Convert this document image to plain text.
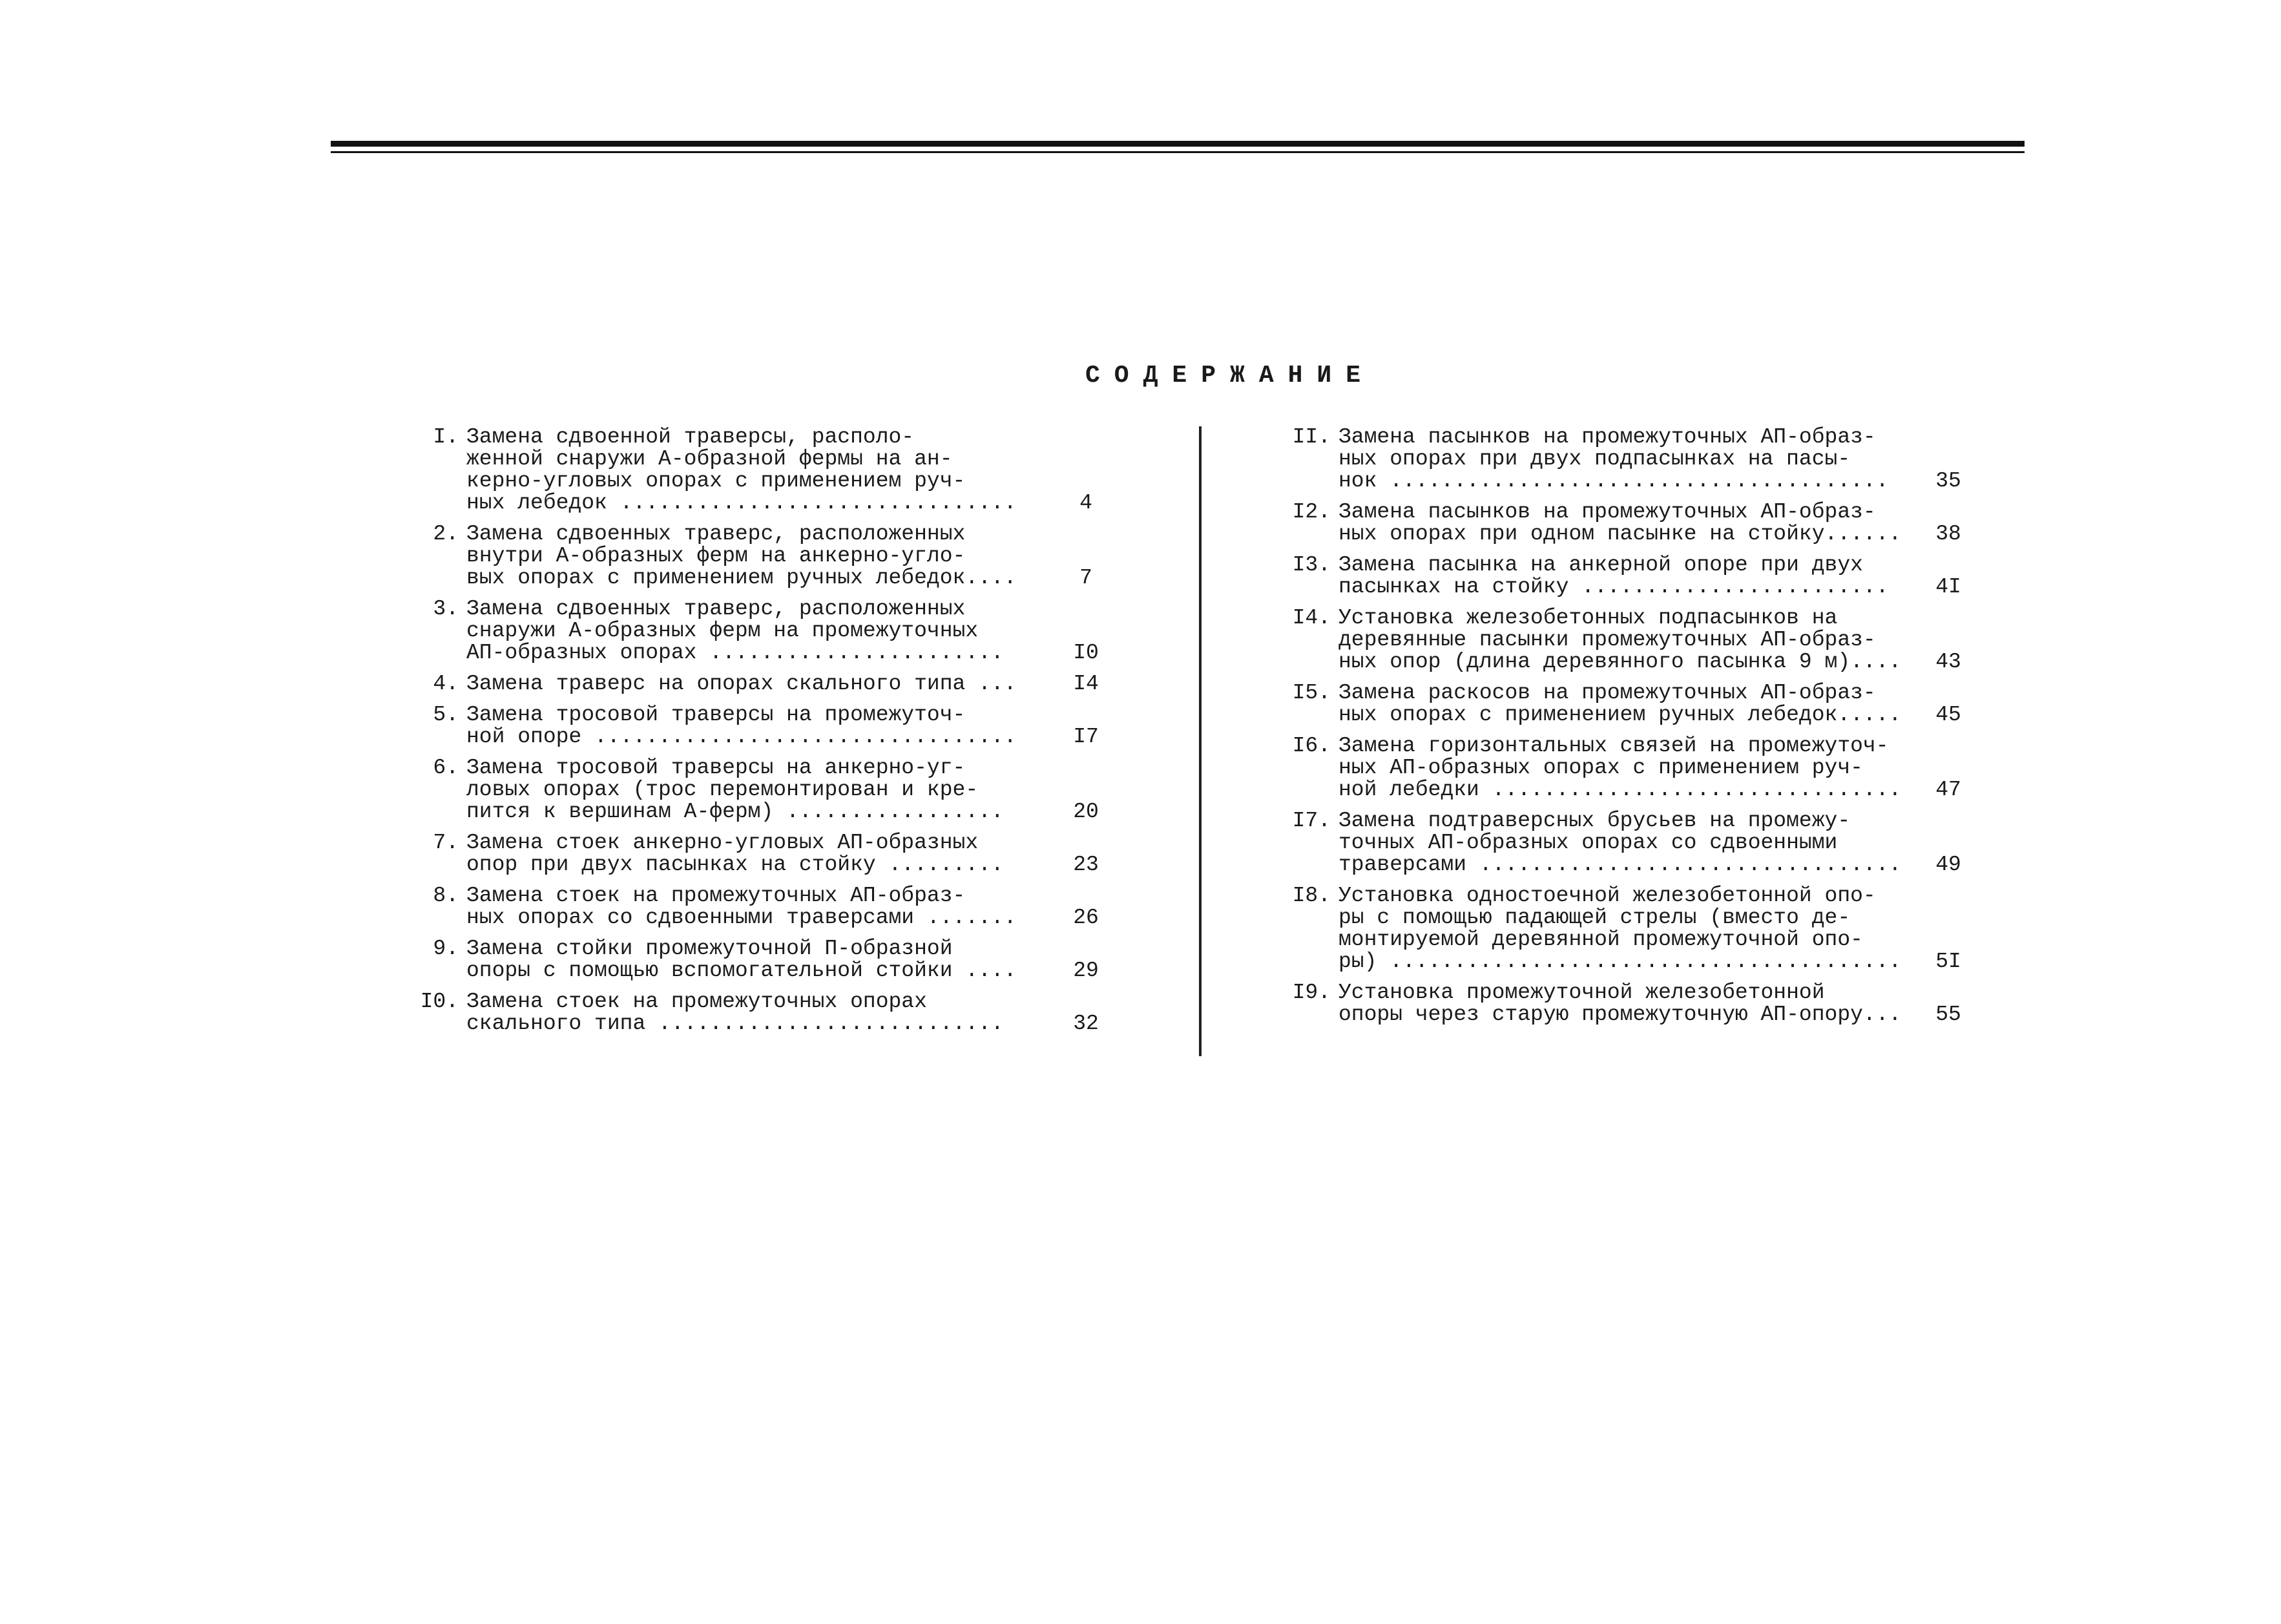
СОДЕРЖАНИЕ
I. Замена сдвоенной траверсы, располо-
женной снаружи А-образной фермы на ан-
керно-угловых опорах с применением руч-
ных лебедок ...............................	4
2. Замена сдвоенных траверс, расположенных
внутри А-образных ферм на анкерно-угло-
вых опорах с применением ручных лебедок....	7
3. Замена сдвоенных траверс, расположенных
снаружи А-образных ферм на промежуточных
АП-образных опорах .......................	I0
4. Замена траверс на опорах скального типа ...	I4
5. Замена тросовой траверсы на промежуточ-
ной опоре .................................	I7
6. Замена тросовой траверсы на анкерно-уг-
ловых опорах (трос перемонтирован и кре-
пится к вершинам А-ферм) .................	20
7. Замена стоек анкерно-угловых АП-образных
опор при двух пасынках на стойку .........	23
8. Замена стоек на промежуточных АП-образ-
ных опорах со сдвоенными траверсами .......	26
9. Замена стойки промежуточной П-образной
опоры с помощью вспомогательной стойки ....	29
I0. Замена стоек на промежуточных опорах
скального типа ...........................	32
II. Замена пасынков на промежуточных АП-образ-
ных опорах при двух подпасынках на пасы-
нок .......................................	35
I2. Замена пасынков на промежуточных АП-образ-
ных опорах при одном пасынке на стойку......	38
I3. Замена пасынка на анкерной опоре при двух
пасынках на стойку ........................	4I
I4. Установка железобетонных подпасынков на
деревянные пасынки промежуточных АП-образ-
ных опор (длина деревянного пасынка 9 м)....	43
I5. Замена раскосов на промежуточных АП-образ-
ных опорах с применением ручных лебедок.....	45
I6. Замена горизонтальных связей на промежуточ-
ных АП-образных опорах с применением руч-
ной лебедки ................................	47
I7. Замена подтраверсных брусьев на промежу-
точных АП-образных опорах со сдвоенными
траверсами .................................	49
I8. Установка одностоечной железобетонной опо-
ры с помощью падающей стрелы (вместо де-
монтируемой деревянной промежуточной опо-
ры) ........................................	5I
I9. Установка промежуточной железобетонной
опоры через старую промежуточную АП-опору...	55
